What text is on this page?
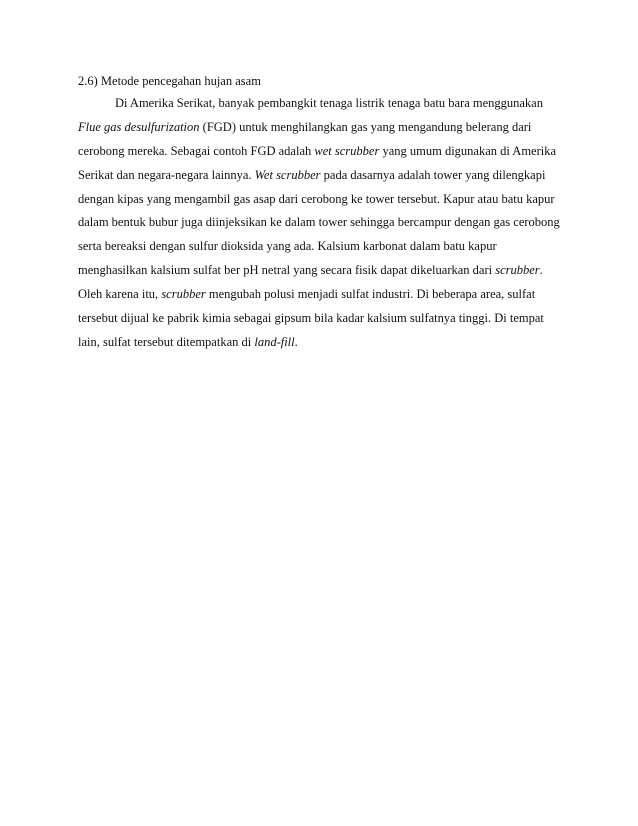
2.6) Metode pencegahan hujan asam
Di Amerika Serikat, banyak pembangkit tenaga listrik tenaga batu bara menggunakan
Flue gas desulfurization (FGD) untuk menghilangkan gas yang mengandung belerang dari
cerobong mereka. Sebagai contoh FGD adalah wet scrubber yang umum digunakan di Amerika
Serikat dan negara-negara lainnya. Wet scrubber pada dasarnya adalah tower yang dilengkapi
dengan kipas yang mengambil gas asap dari cerobong ke tower tersebut. Kapur atau batu kapur
dalam bentuk bubur juga diinjeksikan ke dalam tower sehingga bercampur dengan gas cerobong
serta bereaksi dengan sulfur dioksida yang ada. Kalsium karbonat dalam batu kapur
menghasilkan kalsium sulfat ber pH netral yang secara fisik dapat dikeluarkan dari scrubber.
Oleh karena itu, scrubber mengubah polusi menjadi sulfat industri. Di beberapa area, sulfat
tersebut dijual ke pabrik kimia sebagai gipsum bila kadar kalsium sulfatnya tinggi. Di tempat
lain, sulfat tersebut ditempatkan di land-fill.
